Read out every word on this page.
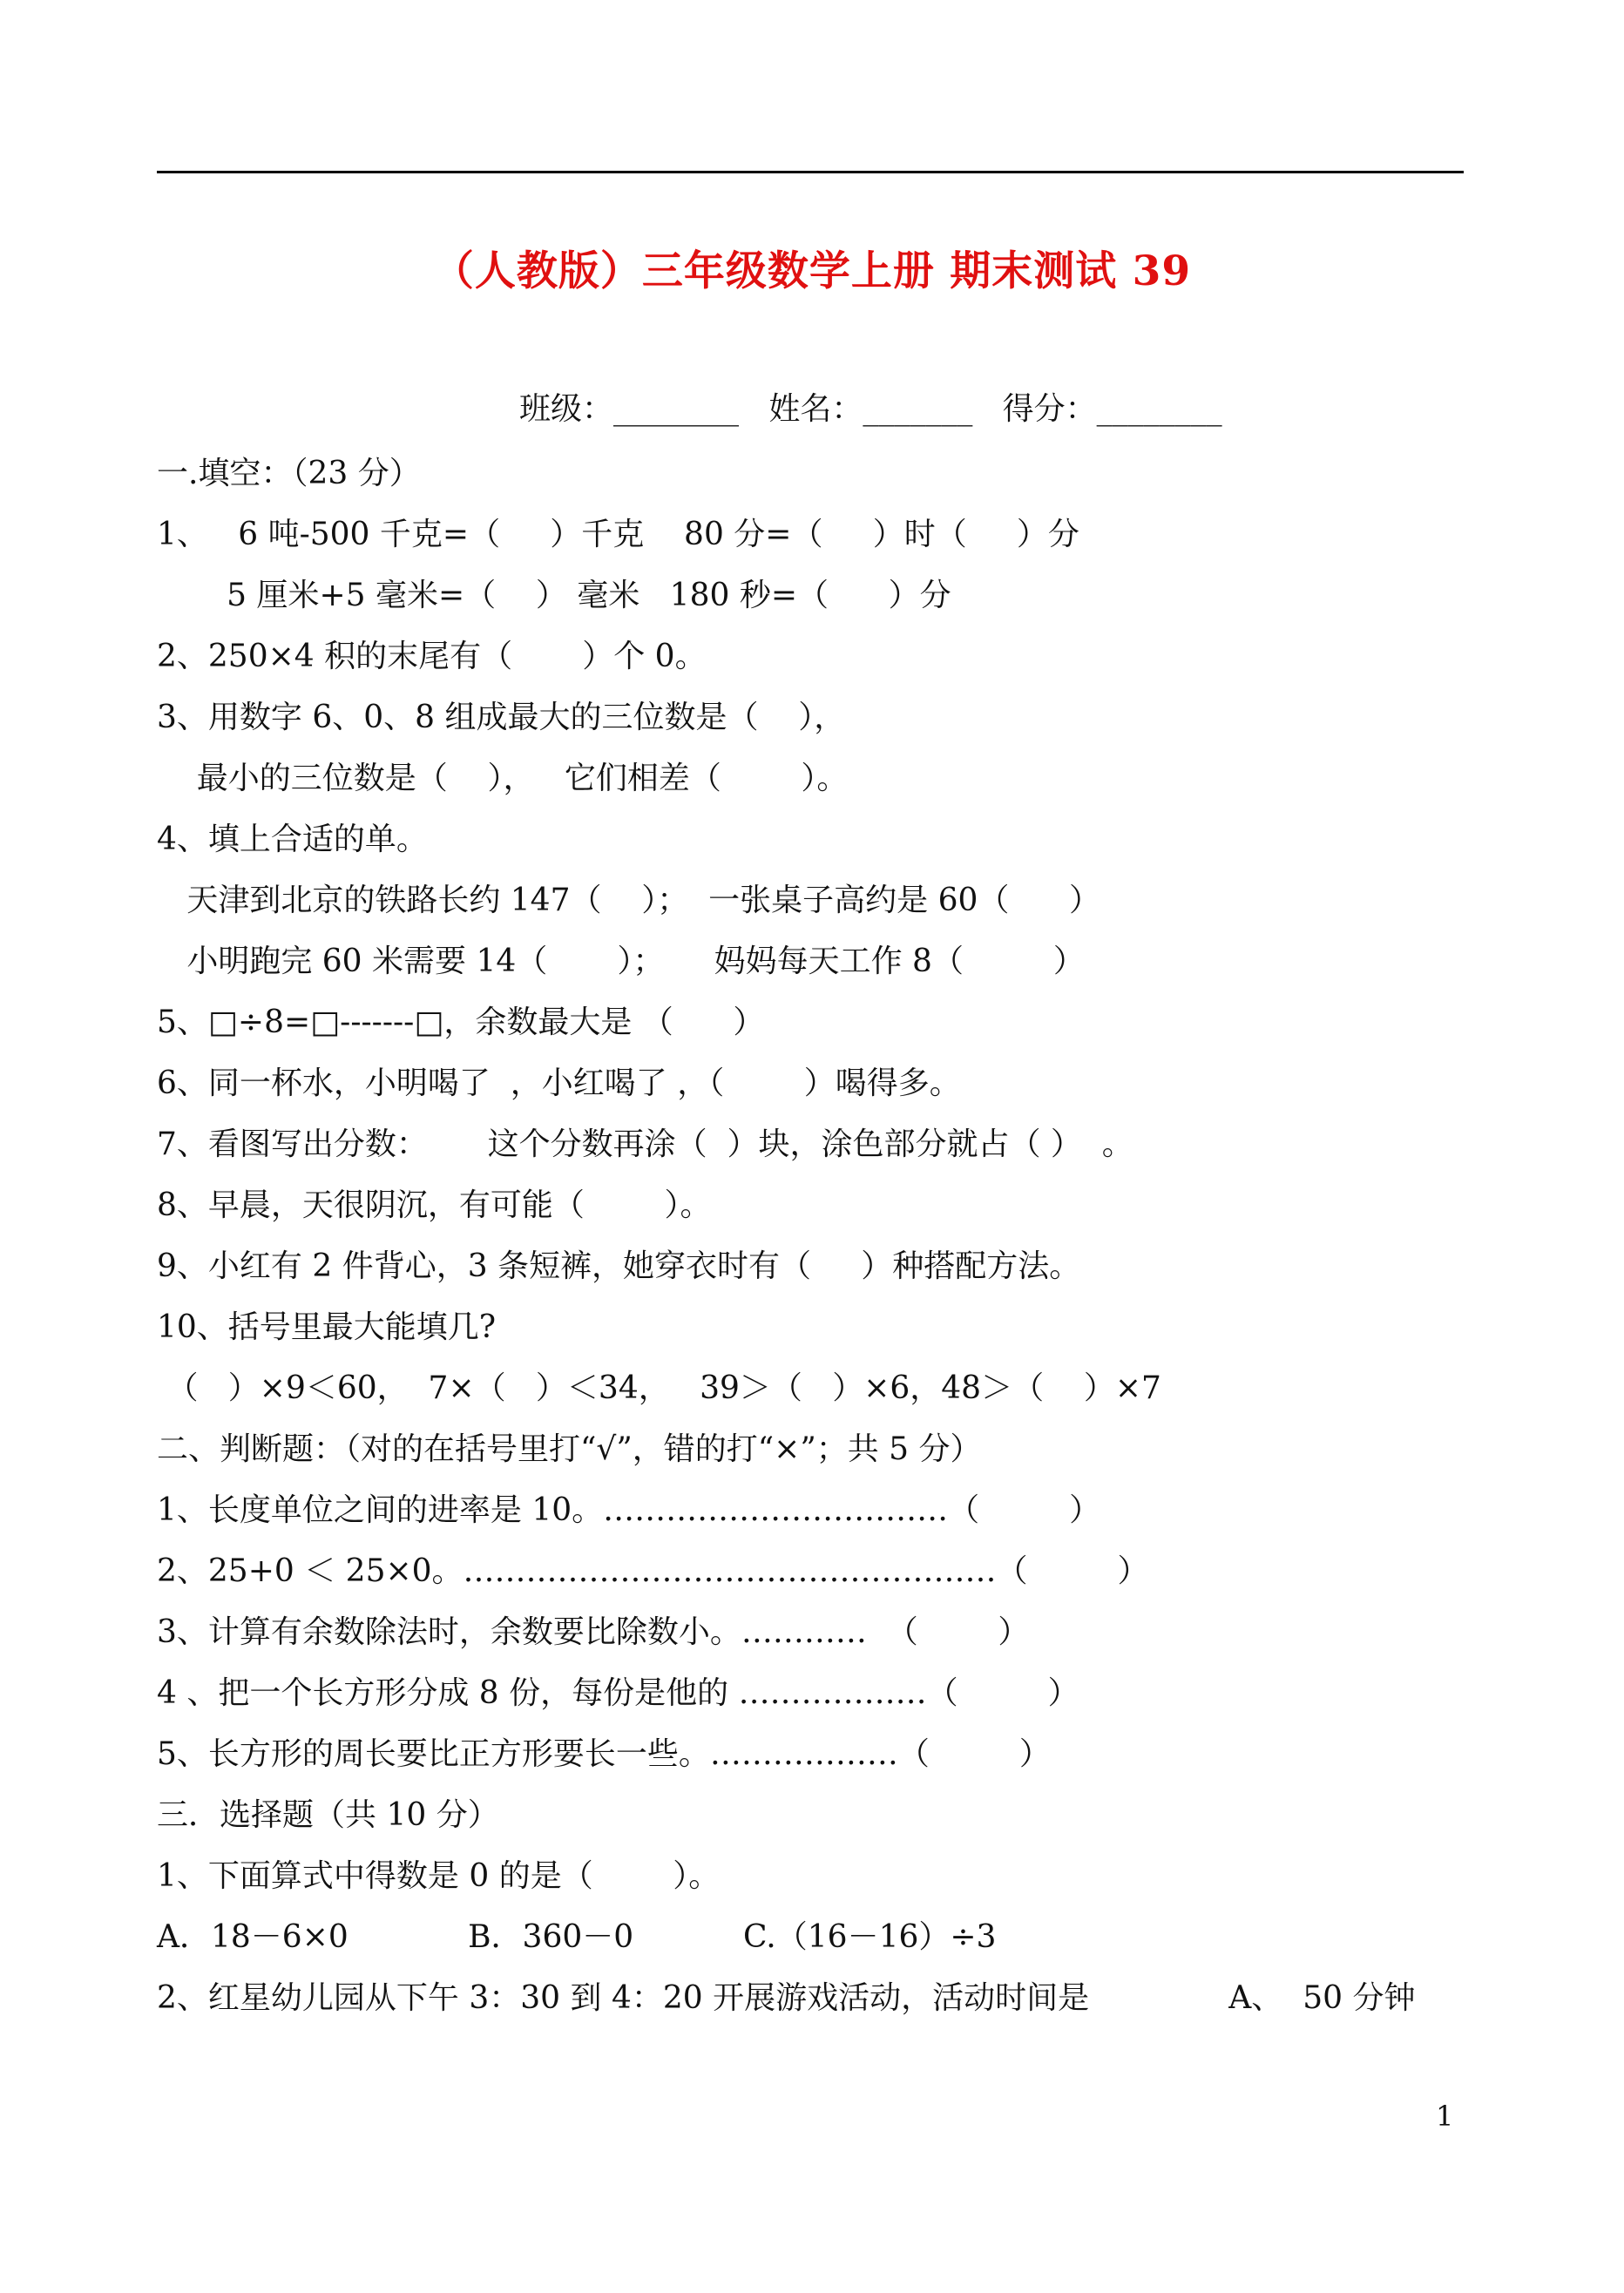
（人教版）三年级数学上册 期末测试 39
班级：________   姓名：_______   得分：________
一.填空：（23 分）
1、   6 吨-500 千克=（     ）千克    80 分=（     ）时（     ）分
5 厘米+5 毫米=（    ） 毫米   180 秒=（      ）分
2、250×4 积的末尾有（       ）个 0。
3、用数字 6、0、8 组成最大的三位数是（    ），
最小的三位数是（    ），   它们相差（        ）。
4、填上合适的单。
天津到北京的铁路长约 147（    ）；  一张桌子高约是 60（      ）
小明跑完 60 米需要 14（       ）；     妈妈每天工作 8（         ）
5、□÷8=□-------□，余数最大是 （      ）
6、同一杯水，小明喝了  ，小红喝了 ，（        ）喝得多。
7、看图写出分数：      这个分数再涂（  ）块，涂色部分就占（ ）  。
8、早晨，天很阴沉，有可能（        ）。
9、小红有 2 件背心，3 条短裤，她穿衣时有（     ）种搭配方法。
10、括号里最大能填几?
（   ）×9＜60，  7×（   ）＜34，   39＞（   ）×6，48＞（    ）×7
二、判断题：（对的在括号里打“√”，错的打“×”；共 5 分）
1、长度单位之间的进率是 10。……………………………（         ）
2、25+0 ＜ 25×0。……………………………………………（         ）
3、计算有余数除法时，余数要比除数小。…………  （        ）
4 、把一个长方形分成 8 份，每份是他的 ………………（         ）
5、长方形的周长要比正方形要长一些。………………（         ）
三．选择题（共 10 分）
1、下面算式中得数是 0 的是（        ）。
A．18－6×0            B．360－0           C.（16－16）÷3
2、红星幼儿园从下午 3：30 到 4：20 开展游戏活动，活动时间是              A、  50 分钟
1
